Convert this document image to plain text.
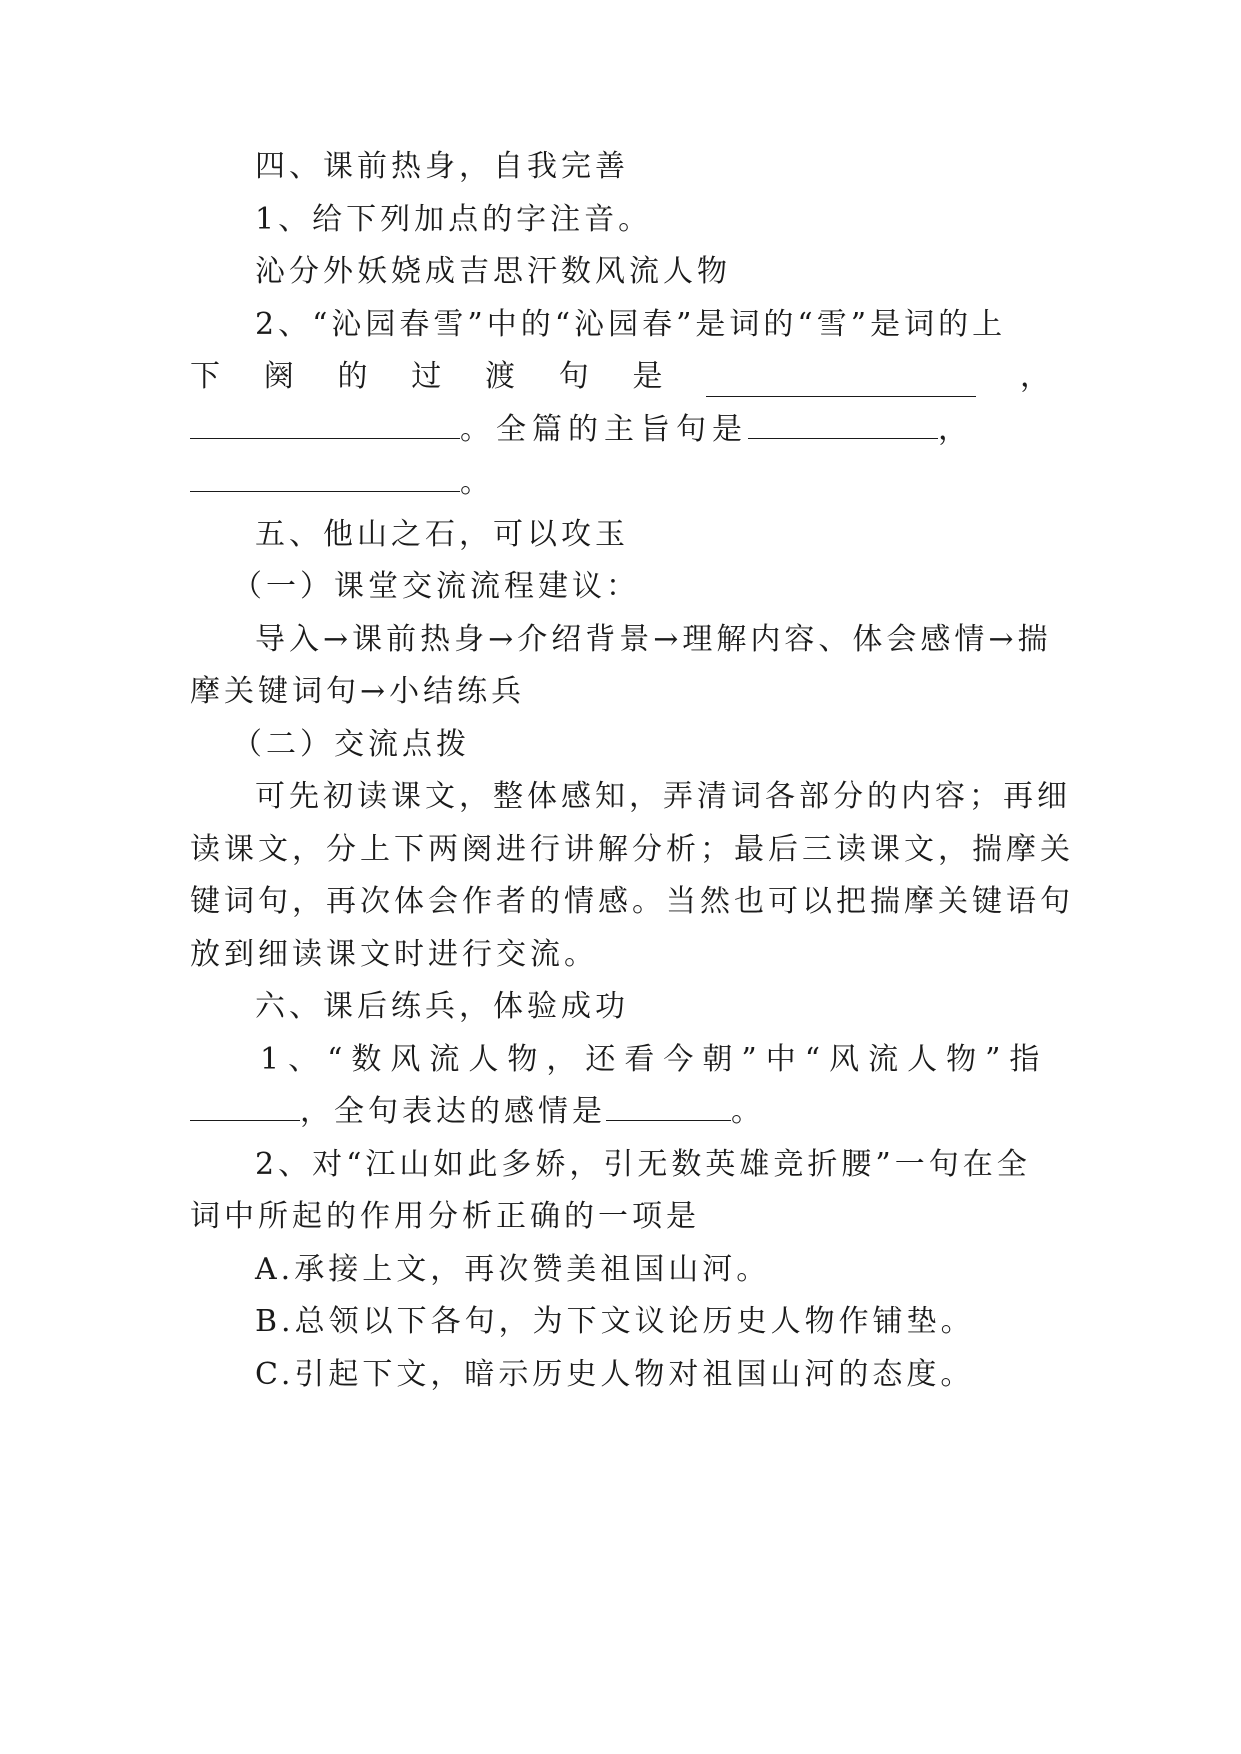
四、课前热身，自我完善
1、给下列加点的字注音。
沁分外妖娆成吉思汗数风流人物
2、“沁园春雪”中的“沁园春”是词的“雪”是词的上
下 阕 的 过 渡 句 是	，
。全篇的主旨句是	，
。
五、他山之石，可以攻玉
（一）课堂交流流程建议：
导入→课前热身→介绍背景→理解内容、体会感情→揣
摩关键词句→小结练兵
（二）交流点拨
可先初读课文，整体感知，弄清词各部分的内容；再细
读课文，分上下两阕进行讲解分析；最后三读课文，揣摩关
键词句，再次体会作者的情感。当然也可以把揣摩关键语句
放到细读课文时进行交流。
六、课后练兵，体验成功
1、“数风流人物，还看今朝”中“风流人物”指
，全句表达的感情是	。
2、对“江山如此多娇，引无数英雄竞折腰”一句在全
词中所起的作用分析正确的一项是
A.承接上文，再次赞美祖国山河。
B.总领以下各句，为下文议论历史人物作铺垫。
C.引起下文，暗示历史人物对祖国山河的态度。
